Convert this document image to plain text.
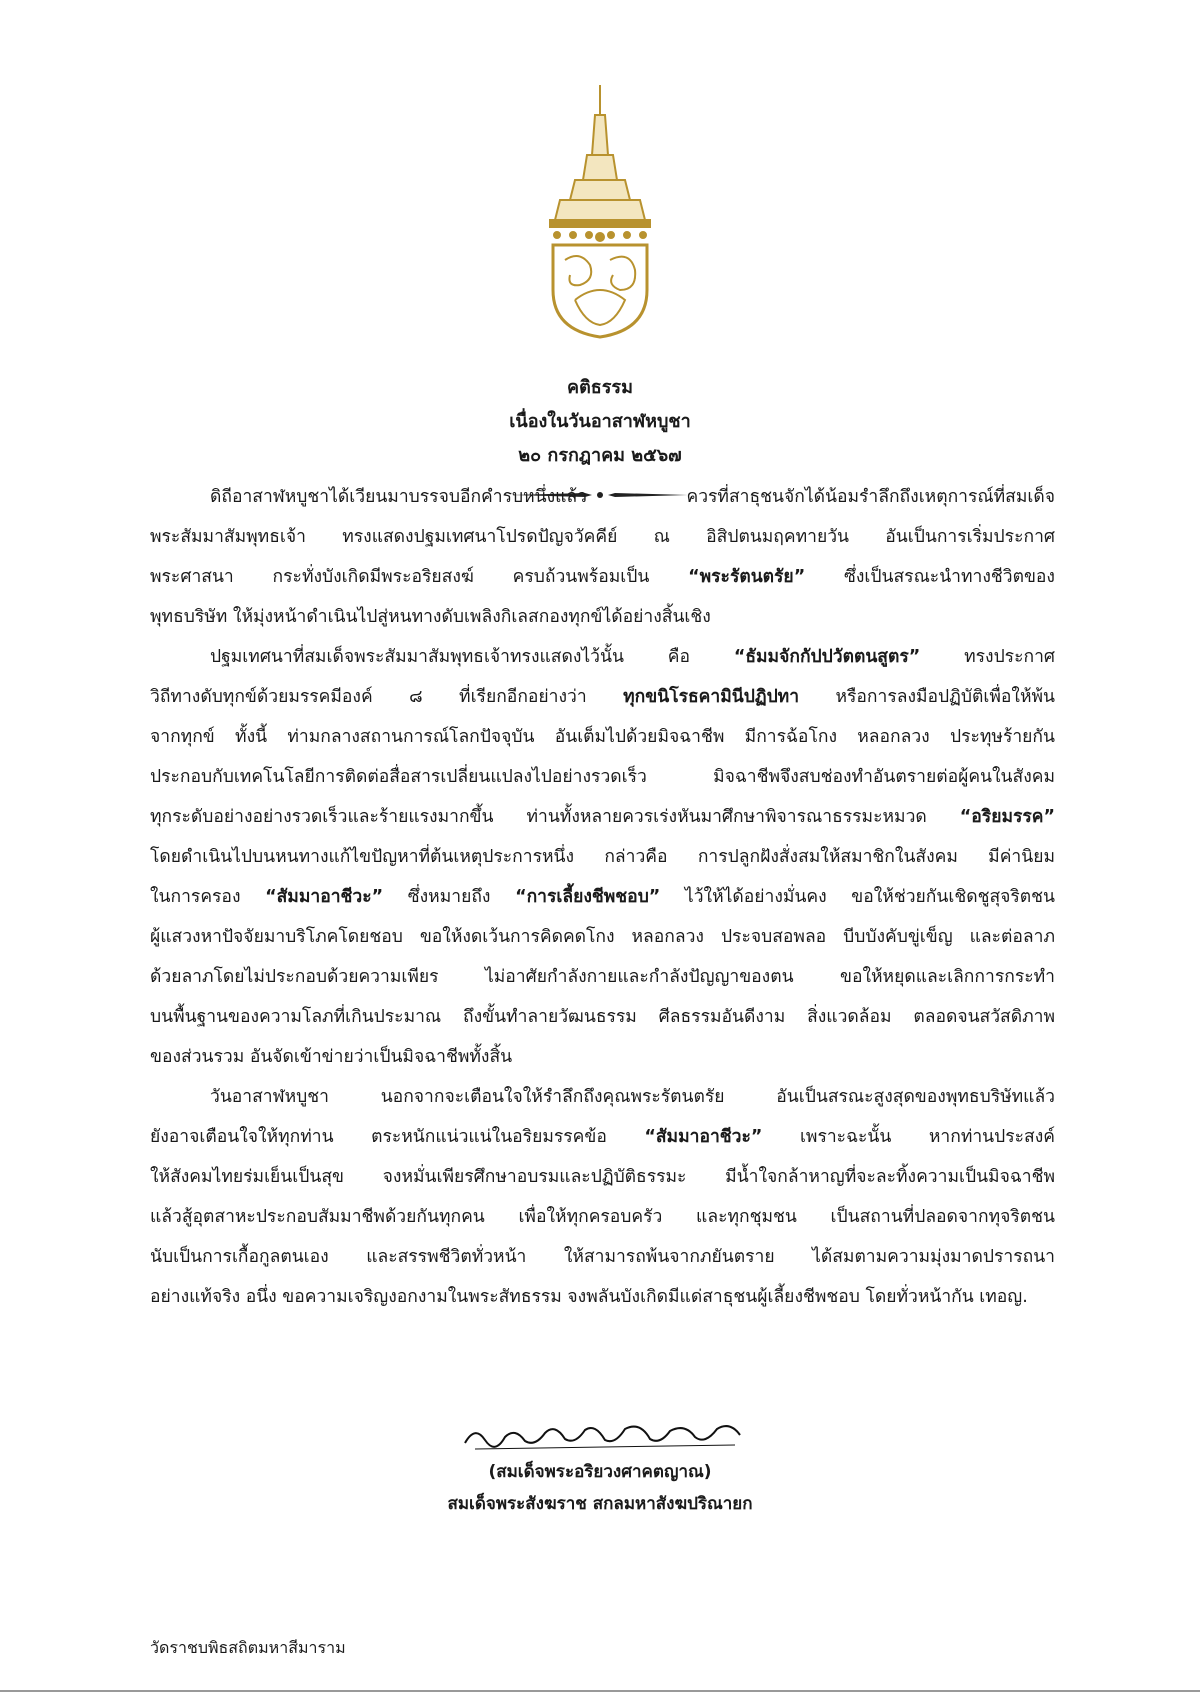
คติธรรม
เนื่องในวันอาสาฬหบูชา
๒๐ กรกฎาคม ๒๕๖๗
ดิถีอาสาฬหบูชาได้เวียนมาบรรจบอีกคำรบหนึ่งแล้ว ควรที่สาธุชนจักได้น้อมรำลึกถึงเหตุการณ์ที่สมเด็จ
พระสัมมาสัมพุทธเจ้า ทรงแสดงปฐมเทศนาโปรดปัญจวัคคีย์ ณ อิสิปตนมฤคทายวัน อันเป็นการเริ่มประกาศ
พระศาสนา กระทั่งบังเกิดมีพระอริยสงฆ์ ครบถ้วนพร้อมเป็น “พระรัตนตรัย” ซึ่งเป็นสรณะนำทางชีวิตของ
พุทธบริษัท ให้มุ่งหน้าดำเนินไปสู่หนทางดับเพลิงกิเลสกองทุกข์ได้อย่างสิ้นเชิง
ปฐมเทศนาที่สมเด็จพระสัมมาสัมพุทธเจ้าทรงแสดงไว้นั้น คือ “ธัมมจักกัปปวัตตนสูตร” ทรงประกาศ
วิถีทางดับทุกข์ด้วยมรรคมีองค์ ๘ ที่เรียกอีกอย่างว่า ทุกขนิโรธคามินีปฏิปทา หรือการลงมือปฏิบัติเพื่อให้พ้น
จากทุกข์ ทั้งนี้ ท่ามกลางสถานการณ์โลกปัจจุบัน อันเต็มไปด้วยมิจฉาชีพ มีการฉ้อโกง หลอกลวง ประทุษร้ายกัน
ประกอบกับเทคโนโลยีการติดต่อสื่อสารเปลี่ยนแปลงไปอย่างรวดเร็ว มิจฉาชีพจึงสบช่องทำอันตรายต่อผู้คนในสังคม
ทุกระดับอย่างอย่างรวดเร็วและร้ายแรงมากขึ้น ท่านทั้งหลายควรเร่งหันมาศึกษาพิจารณาธรรมะหมวด “อริยมรรค”
โดยดำเนินไปบนหนทางแก้ไขปัญหาที่ต้นเหตุประการหนึ่ง กล่าวคือ การปลูกฝังสั่งสมให้สมาชิกในสังคม มีค่านิยม
ในการครอง “สัมมาอาชีวะ” ซึ่งหมายถึง “การเลี้ยงชีพชอบ” ไว้ให้ได้อย่างมั่นคง ขอให้ช่วยกันเชิดชูสุจริตชน
ผู้แสวงหาปัจจัยมาบริโภคโดยชอบ ขอให้งดเว้นการคิดคดโกง หลอกลวง ประจบสอพลอ บีบบังคับขู่เข็ญ และต่อลาภ
ด้วยลาภโดยไม่ประกอบด้วยความเพียร ไม่อาศัยกำลังกายและกำลังปัญญาของตน ขอให้หยุดและเลิกการกระทำ
บนพื้นฐานของความโลภที่เกินประมาณ ถึงขั้นทำลายวัฒนธรรม ศีลธรรมอันดีงาม สิ่งแวดล้อม ตลอดจนสวัสดิภาพ
ของส่วนรวม อันจัดเข้าข่ายว่าเป็นมิจฉาชีพทั้งสิ้น
วันอาสาฬหบูชา นอกจากจะเตือนใจให้รำลึกถึงคุณพระรัตนตรัย อันเป็นสรณะสูงสุดของพุทธบริษัทแล้ว
ยังอาจเตือนใจให้ทุกท่าน ตระหนักแน่วแน่ในอริยมรรคข้อ “สัมมาอาชีวะ” เพราะฉะนั้น หากท่านประสงค์
ให้สังคมไทยร่มเย็นเป็นสุข จงหมั่นเพียรศึกษาอบรมและปฏิบัติธรรมะ มีน้ำใจกล้าหาญที่จะละทิ้งความเป็นมิจฉาชีพ
แล้วสู้อุตสาหะประกอบสัมมาชีพด้วยกันทุกคน เพื่อให้ทุกครอบครัว และทุกชุมชน เป็นสถานที่ปลอดจากทุจริตชน
นับเป็นการเกื้อกูลตนเอง และสรรพชีวิตทั่วหน้า ให้สามารถพ้นจากภยันตราย ได้สมตามความมุ่งมาดปรารถนา
อย่างแท้จริง อนึ่ง ขอความเจริญงอกงามในพระสัทธรรม จงพลันบังเกิดมีแด่สาธุชนผู้เลี้ยงชีพชอบ โดยทั่วหน้ากัน เทอญ.
(สมเด็จพระอริยวงศาคตญาณ)
สมเด็จพระสังฆราช สกลมหาสังฆปริณายก
วัดราชบพิธสถิตมหาสีมาราม
